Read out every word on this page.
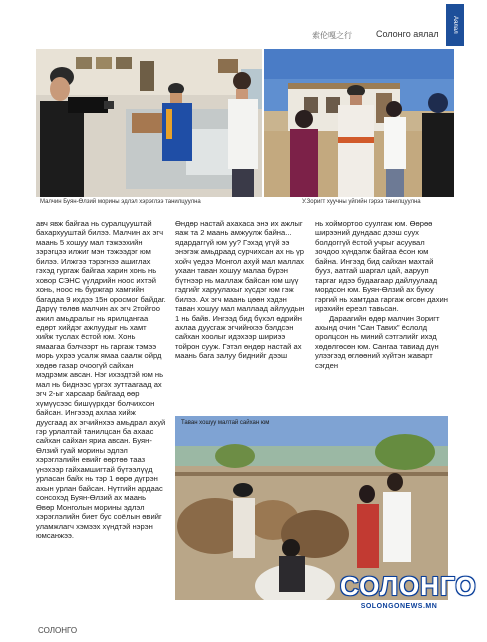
索伦嘎之行	Солонго аялал
Аялал
Малчин Буян-Өлзий морины эдлэл хэрэглээ танилцуулна	У.Зоригт хуучны уйгийн гэрээ танилцуулна

авч явж байгаа нь суралцууштай бахархууштай билээ. Малчин ах эгч маань 5 хошуу мал тэжээхийн зэрэгцээ илжиг мэн тэжээдэг юм билээ. Илжгээ тэрэгнээ ашиглах гэхэд гургаж байгаа харин хонь нь ховор СЭНС үүлдрийн ноос ихтэй хонь, ноос нь буржгар хамгийн багадаа 9 ихдээ 15н оросмог байдаг. Дарүү төлөв малчин ах эгч 2тойгоо ажил амьдралыг нь ярилцангаа едөрт хийдэг ажлуудыг нь хамт хийж туслах ёстой юм. Хонь ямаагаа бэлчээрт нь гаргаж тэмээ морь ухрээ усалж ямаа саалж ойрд хөдөө газар очоогүй сайхан мэдрэмж авсан. Нэг ихэздтэй юм нь мал нь биднээс үргэх зуттаагаад ах эгч 2-ыг харсаар байгаад өөр хүмүүсээс бишүүрхдэг болчихсон байсан. Ингэээд ахлаа хийж дуусгаад ах эгчийнхээ амьдрал ахуй гэр урлалтай танилцсан ба ахаас сайхан сайхан яриа авсан. Буян-Өлзий гуай морины эдлэл хэрэглэлийн евийг өөртөө тааз үнэхээр гайхамшигтай бүтээлүүд урласан байх нь тэр 1 өөрө дүгрэн ахын урлан байсан. Нүтгийн ардаас сонсохэд Буян-Өлзий ах маань Өвөр Монголын морины эдлэл хэрэглэлийн биет бус соёлын өвийг уламжлагч хэмээх хүндтэй нэрэн юмсанжээ.

Өндөр настай ахахаса энэ их ажлыг яаж та 2 маань амжуулж байна... ядардаггүй юм уу? Гэхэд үгүй ээ энэгэж амьдраад сурчихсан ах нь үр хойч үедээ Монгол ахуй мал маллах ухаан таван хошуу малаа бүрэн бүтнээр нь маллаж байсан юм шүү гэдгийг харуулахыг хүсдэг юм гэж билээ. Ах эгч маань цөөн хэдэн таван хошуу мал маллаад айлуудын 1 нь байв. Ингээд бид бүхэл өдрийн ахлаа дуусгаж эгчийнхээ бэлдсэн сайхан хоолыг идэхээр шириээ тойрон сууж. Гэтэл өндөр настай ах маань бага залуу биднийг дээш

нь хоймортоо суулгаж юм. Өөрөө ширээний дундаас дээш суух болдоггүй ёстой учрыг асуувал зочдоо хүндэлж байгаа ёсон юм байна. Ингээд бид сайхан махтай бууз, аатгай шаргал цай, аарууп таргаг идээ будаагаар дайлуулаад мордсон юм. Буян-Өлзий ах буюу гэргий нь хамтдаа гаргаж өгсөн дахин ирэхийн ереэл тавьсан.

Дараагийн өдөр малчин Зоригт ахынд очин “Сан Тавих” ёслолд оролцсон нь миний сэтгэлийг ихэд хөдөлгөсөн юм. Сангаа тавиад дүн улээгээд өглөөний хүйтэн жаварт сэгден

Таван хошуу малтай сайхан юм
СОЛОНГО
СОЛОНГО
SOLONGONEWS.MN
